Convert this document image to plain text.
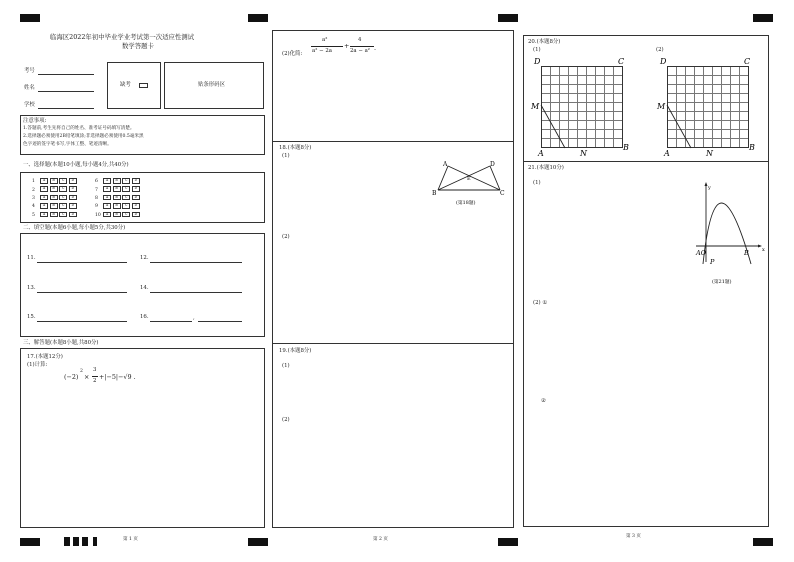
临海区2022年初中毕业学业考试第一次适应性测试
数学答题卡
考号
姓名
学校
缺考	贴条形码区
注意事项:
1.答题前,考生先将自己的姓名、准考证号码填写清楚。
2.选择题必须使用2B铅笔填涂;非选择题必须使用0.5毫米黑
色字迹的签字笔书写,字体工整、笔迹清晰。
一、选择题(本题10小题,每小题4分,共40分)
1 A B C D
2 A B C D
3 A B C D
4 A B C D
5 A B C D
6 A B C D
7 A B C D
8 A B C D
9 A B C D
10 A B C D
二、填空题(本题6小题,每小题5分,共30分)
11.	12.
13.	14.
15.	16.	,
三、解答题(本题8小题,共80分)
17.(本题12分)
(1)计算:
(−2)
2
×
3
2 +|−5|−√9 .
第 1 页
(2)化简:
a²
a² − 2a
+
4
2a − a² .
18.(本题8分)
(1)
(2)
A	D
E
B	C
(第18题)
19.(本题8分)
(1)
(2)
第 2 页
20.(本题8分)
(1)	(2)
D	C
M
A	N
B
D	C
M
A	N
B
21.(本题10分)
(1)
(2) ①
②
y
x
AO
P
B
(第21题)
第 3 页
